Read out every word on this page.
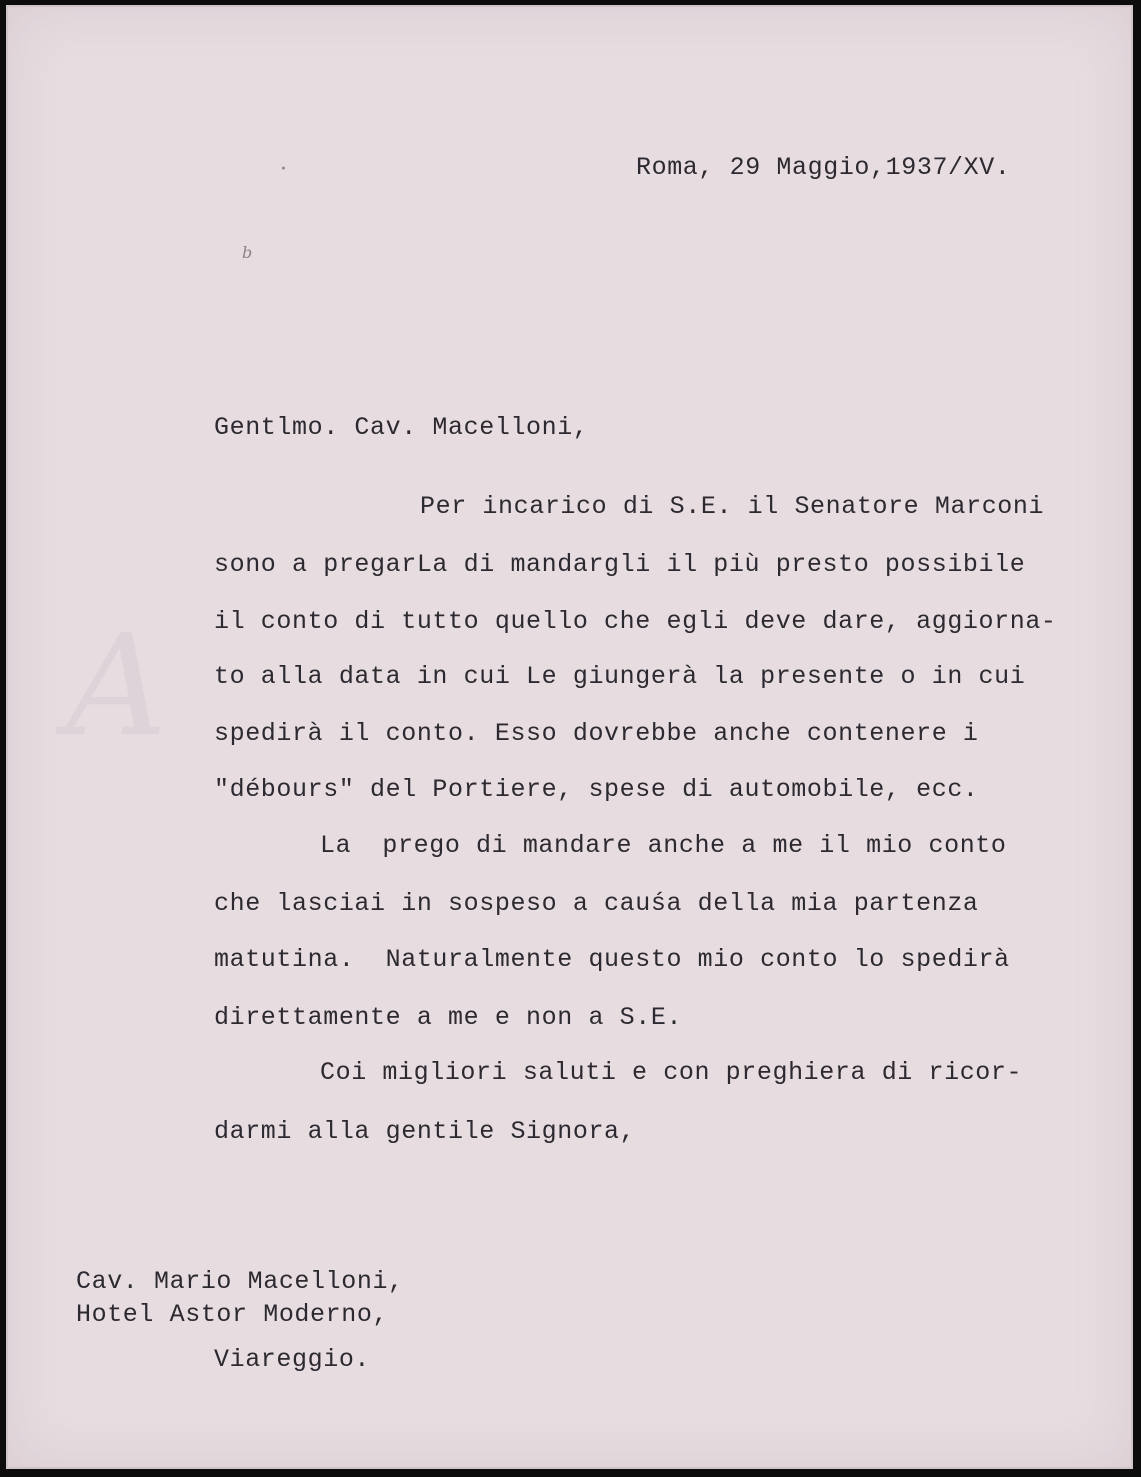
A
·
b

Roma, 29 Maggio,1937/XV.

Gentlmo. Cav. Macelloni,

Per incarico di S.E. il Senatore Marconi

sono a pregarLa di mandargli il più presto possibile

il conto di tutto quello che egli deve dare, aggiorna-

to alla data in cui Le giungerà la presente o in cui

spedirà il conto. Esso dovrebbe anche contenere i

"débours" del Portiere, spese di automobile, ecc.

La  prego di mandare anche a me il mio conto

che lasciai in sospeso a cauśa della mia partenza

matutina.  Naturalmente questo mio conto lo spedirà

direttamente a me e non a S.E.

Coi migliori saluti e con preghiera di ricor-

darmi alla gentile Signora,

Cav. Mario Macelloni,

Hotel Astor Moderno,

Viareggio.
